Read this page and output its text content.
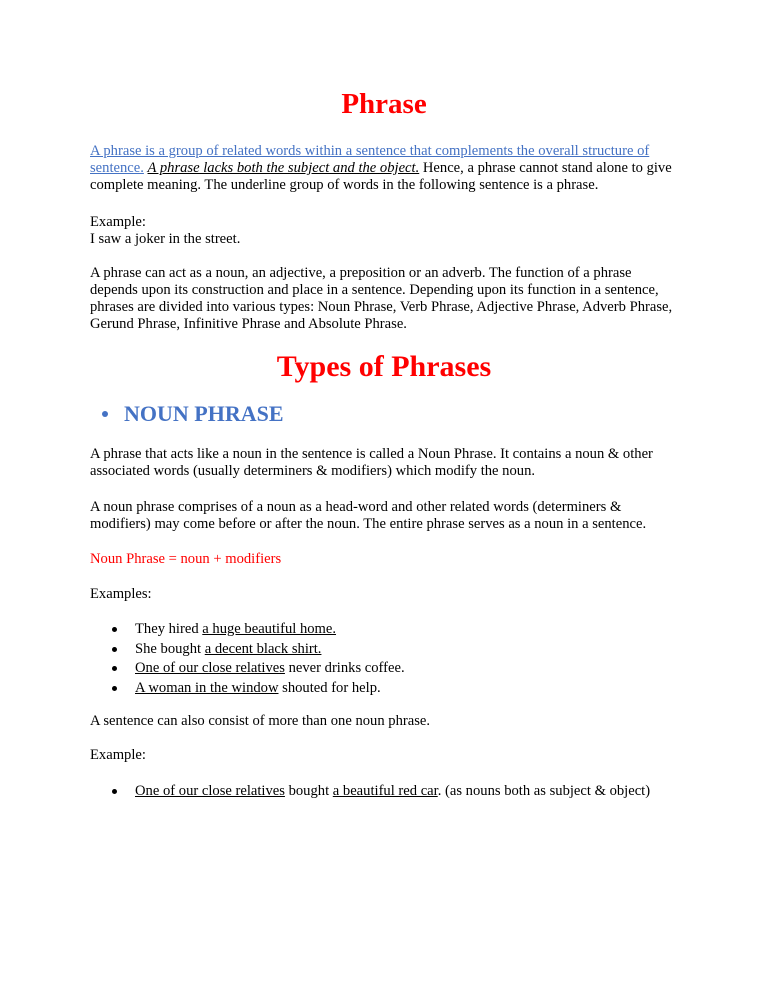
Phrase

A phrase is a group of related words within a sentence that complements the overall structure of sentence. A phrase lacks both the subject and the object. Hence, a phrase cannot stand alone to give complete meaning. The underline group of words in the following sentence is a phrase.

Example:
I saw a joker in the street.

A phrase can act as a noun, an adjective, a preposition or an adverb. The function of a phrase depends upon its construction and place in a sentence. Depending upon its function in a sentence, phrases are divided into various types: Noun Phrase, Verb Phrase, Adjective Phrase, Adverb Phrase, Gerund Phrase, Infinitive Phrase and Absolute Phrase.

Types of Phrases
NOUN PHRASE

A phrase that acts like a noun in the sentence is called a Noun Phrase. It contains a noun & other associated words (usually determiners & modifiers) which modify the noun.

A noun phrase comprises of a noun as a head-word and other related words (determiners & modifiers) may come before or after the noun. The entire phrase serves as a noun in a sentence.

Noun Phrase = noun + modifiers

Examples:

They hired a huge beautiful home.
She bought a decent black shirt.
One of our close relatives never drinks coffee.
A woman in the window shouted for help.

A sentence can also consist of more than one noun phrase.

Example:

One of our close relatives bought a beautiful red car. (as nouns both as subject & object)
